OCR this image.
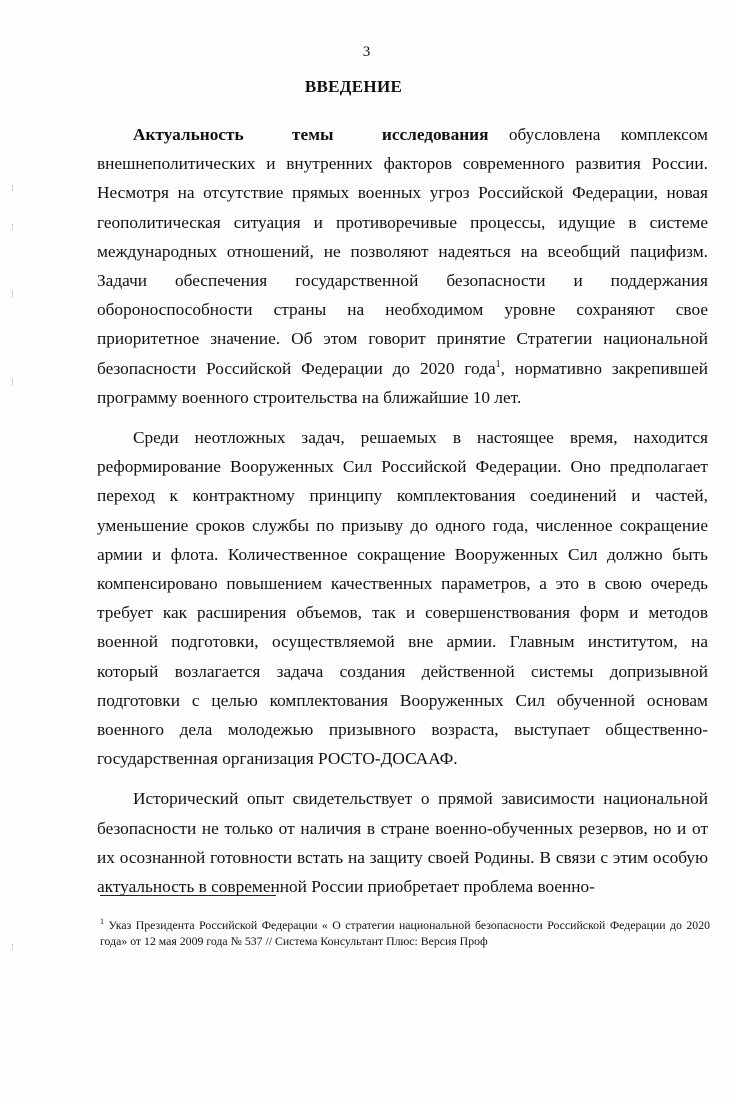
⁝
⁝
⁝
⁝
⁝
3
ВВЕДЕНИЕ

Актуальность темы исследования обусловлена комплексом внешнеполитических и внутренних факторов современного развития России. Несмотря на отсутствие прямых военных угроз Российской Федерации, новая геополитическая ситуация и противоречивые процессы, идущие в системе международных отношений, не позволяют надеяться на всеобщий пацифизм. Задачи обеспечения государственной безопасности и поддержания обороноспособности страны на необходимом уровне сохраняют свое приоритетное значение. Об этом говорит принятие Стратегии национальной безопасности Российской Федерации до 2020 года$^1$, нормативно закрепившей программу военного строительства на ближайшие 10 лет.

Среди неотложных задач, решаемых в настоящее время, находится реформирование Вооруженных Сил Российской Федерации. Оно предполагает переход к контрактному принципу комплектования соединений и частей, уменьшение сроков службы по призыву до одного года, численное сокращение армии и флота. Количественное сокращение Вооруженных Сил должно быть компенсировано повышением качественных параметров, а это в свою очередь требует как расширения объемов, так и совершенствования форм и методов военной подготовки, осуществляемой вне армии. Главным институтом, на который возлагается задача создания действенной системы допризывной подготовки с целью комплектования Вооруженных Сил обученной основам военного дела молодежью призывного возраста, выступает общественно-государственная организация РОСТО-ДОСААФ.

Исторический опыт свидетельствует о прямой зависимости национальной безопасности не только от наличия в стране военно-обученных резервов, но и от их осознанной готовности встать на защиту своей Родины. В связи с этим особую актуальность в современной России приобретает проблема военно-

$^1$ Указ Президента Российской Федерации « О стратегии национальной безопасности Российской Федерации до 2020 года» от 12 мая 2009 года № 537 // Система Консультант Плюс: Версия Проф
